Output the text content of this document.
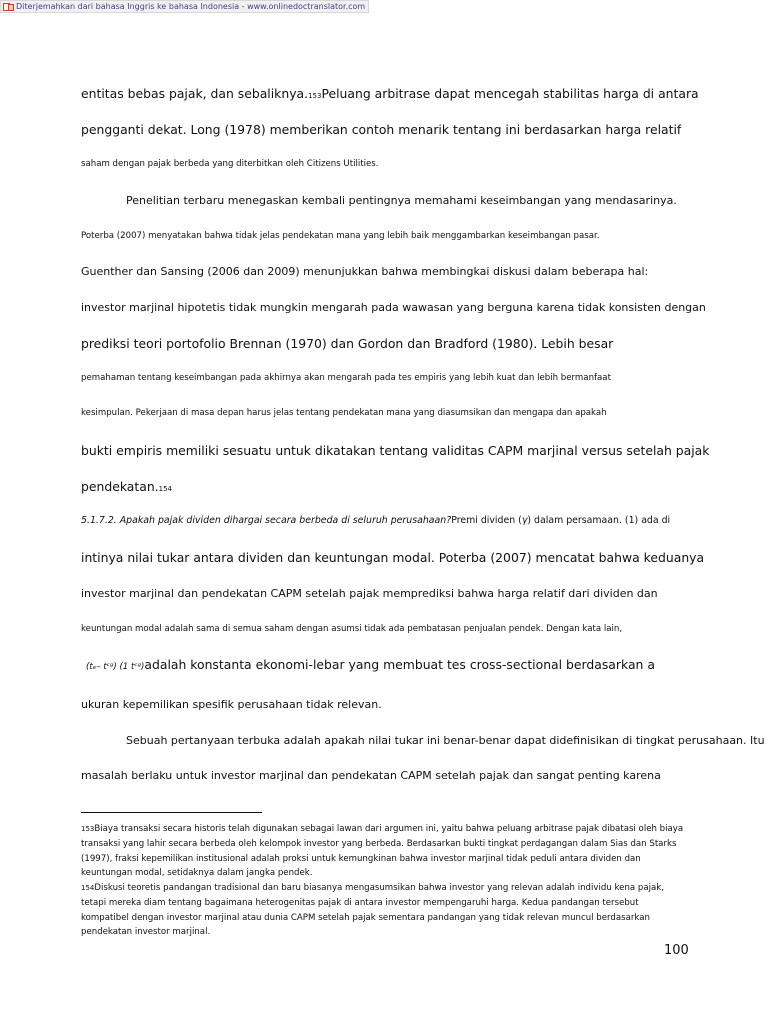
Diterjemahkan dari bahasa Inggris ke bahasa Indonesia - www.onlinedoctranslator.com
entitas bebas pajak, dan sebaliknya.153Peluang arbitrase dapat mencegah stabilitas harga di antara
pengganti dekat. Long (1978) memberikan contoh menarik tentang ini berdasarkan harga relatif
saham dengan pajak berbeda yang diterbitkan oleh Citizens Utilities.
Penelitian terbaru menegaskan kembali pentingnya memahami keseimbangan yang mendasarinya.
Poterba (2007) menyatakan bahwa tidak jelas pendekatan mana yang lebih baik menggambarkan keseimbangan pasar.
Guenther dan Sansing (2006 dan 2009) menunjukkan bahwa membingkai diskusi dalam beberapa hal:
investor marjinal hipotetis tidak mungkin mengarah pada wawasan yang berguna karena tidak konsisten dengan
prediksi teori portofolio Brennan (1970) dan Gordon dan Bradford (1980). Lebih besar
pemahaman tentang keseimbangan pada akhirnya akan mengarah pada tes empiris yang lebih kuat dan lebih bermanfaat
kesimpulan. Pekerjaan di masa depan harus jelas tentang pendekatan mana yang diasumsikan dan mengapa dan apakah
bukti empiris memiliki sesuatu untuk dikatakan tentang validitas CAPM marjinal versus setelah pajak
pendekatan.154
5.1.7.2. Apakah pajak dividen dihargai secara berbeda di seluruh perusahaan?Premi dividen (γ) dalam persamaan. (1) ada di
intinya nilai tukar antara dividen dan keuntungan modal. Poterba (2007) mencatat bahwa keduanya
investor marjinal dan pendekatan CAPM setelah pajak memprediksi bahwa harga relatif dari dividen dan
keuntungan modal adalah sama di semua saham dengan asumsi tidak ada pembatasan penjualan pendek. Dengan kata lain,
(tₑ– tᶜᵍ) (1 tᶜᵍ)adalah konstanta ekonomi-lebar yang membuat tes cross-sectional berdasarkan a
ukuran kepemilikan spesifik perusahaan tidak relevan.
Sebuah pertanyaan terbuka adalah apakah nilai tukar ini benar-benar dapat didefinisikan di tingkat perusahaan. Itu
masalah berlaku untuk investor marjinal dan pendekatan CAPM setelah pajak dan sangat penting karena
153Biaya transaksi secara historis telah digunakan sebagai lawan dari argumen ini, yaitu bahwa peluang arbitrase pajak dibatasi oleh biaya transaksi yang lahir secara berbeda oleh kelompok investor yang berbeda. Berdasarkan bukti tingkat perdagangan dalam Sias dan Starks (1997), fraksi kepemilikan institusional adalah proksi untuk kemungkinan bahwa investor marjinal tidak peduli antara dividen dan keuntungan modal, setidaknya dalam jangka pendek.
154Diskusi teoretis pandangan tradisional dan baru biasanya mengasumsikan bahwa investor yang relevan adalah individu kena pajak, tetapi mereka diam tentang bagaimana heterogenitas pajak di antara investor mempengaruhi harga. Kedua pandangan tersebut kompatibel dengan investor marjinal atau dunia CAPM setelah pajak sementara pandangan yang tidak relevan muncul berdasarkan pendekatan investor marjinal.
100
